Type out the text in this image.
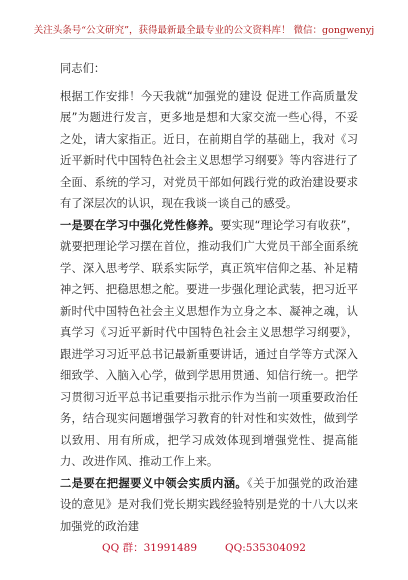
关注头条号“公文研究”，获得最新最全最专业的公文资料库！ 微信：gongwenyj

同志们：

根据工作安排！今天我就“加强党的建设 促进工作高质量发展”为题进行发言，更多地是想和大家交流一些心得，不妥之处，请大家指正。近日，在前期自学的基础上，我对《习近平新时代中国特色社会主义思想学习纲要》等内容进行了全面、系统的学习，对党员干部如何践行党的政治建设要求有了深层次的认识，现在我谈一谈自己的感受。

一是要在学习中强化党性修养。要实现“理论学习有收获”，就要把理论学习摆在首位，推动我们广大党员干部全面系统学、深入思考学、联系实际学，真正筑牢信仰之基、补足精神之钙、把稳思想之舵。要进一步强化理论武装，把习近平新时代中国特色社会主义思想作为立身之本、凝神之魂，认真学习《习近平新时代中国特色社会主义思想学习纲要》，跟进学习习近平总书记最新重要讲话，通过自学等方式深入细致学、入脑入心学，做到学思用贯通、知信行统一。把学习贯彻习近平总书记重要指示批示作为当前一项重要政治任务，结合现实问题增强学习教育的针对性和实效性，做到学以致用、用有所成，把学习成效体现到增强党性、提高能力、改进作风、推动工作上来。

二是要在把握要义中领会实质内涵。《关于加强党的政治建设的意见》是对我们党长期实践经验特别是党的十八大以来加强党的政治建

QQ 群：31991489	QQ:535304092
